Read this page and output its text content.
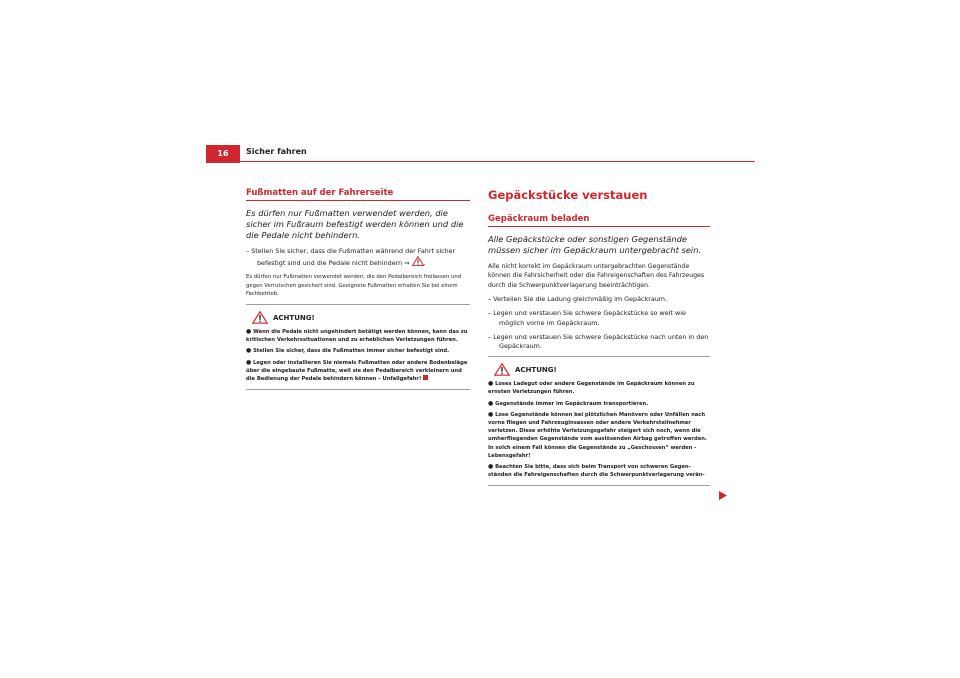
16	Sicher fahren
Fußmatten auf der Fahrerseite

Es dürfen nur Fußmatten verwendet werden, die sicher im Fußraum befestigt werden können und die die Pedale nicht behindern.

– Stellen Sie sicher, dass die Fußmatten während der Fahrt sicher befestigt sind und die Pedale nicht behindern ⇒ .

Es dürfen nur Fußmatten verwendet werden, die den Pedalbereich freilassen und gegen Verrutschen gesichert sind. Geeignete Fußmatten erhalten Sie bei einem Fachbetrieb.

ACHTUNG!

● Wenn die Pedale nicht ungehindert betätigt werden können, kann das zu kritischen Verkehrssituationen und zu erheblichen Verletzungen führen.

● Stellen Sie sicher, dass die Fußmatten immer sicher befestigt sind.

● Legen oder installieren Sie niemals Fußmatten oder andere Bodenbeläge über die eingebaute Fußmatte, weil sie den Pedalbereich verkleinern und die Bedienung der Pedale behindern können – Unfallgefahr!

Gepäckstücke verstauen
Gepäckraum beladen

Alle Gepäckstücke oder sonstigen Gegenstände müssen sicher im Gepäckraum untergebracht sein.

Alle nicht korrekt im Gepäckraum untergebrachten Gegenstände können die Fahrsicherheit oder die Fahreigenschaften des Fahrzeuges durch die Schwerpunktverlagerung beeinträchtigen.

– Verteilen Sie die Ladung gleichmäßig im Gepäckraum.

– Legen und verstauen Sie schwere Gepäckstücke so weit wie möglich vorne im Gepäckraum.

– Legen und verstauen Sie schwere Gepäckstücke nach unten in den Gepäckraum.

ACHTUNG!

● Loses Ladegut oder andere Gegenstände im Gepäckraum können zu ernsten Verletzungen führen.

● Gegenstände immer im Gepäckraum transportieren.

● Lose Gegenstände können bei plötzlichen Manövern oder Unfällen nach vorne fliegen und Fahrzeuginsassen oder andere Verkehrsteilnehmer verletzen. Diese erhöhte Verletzungsgefahr steigert sich noch, wenn die umherfliegenden Gegenstände vom auslösenden Airbag getroffen werden. In solch einem Fall können die Gegenstände zu „Geschossen“ werden - Lebensgefahr!

● Beachten Sie bitte, dass sich beim Transport von schweren Gegenständen die Fahreigenschaften durch die Schwerpunktverlagerung verän-
